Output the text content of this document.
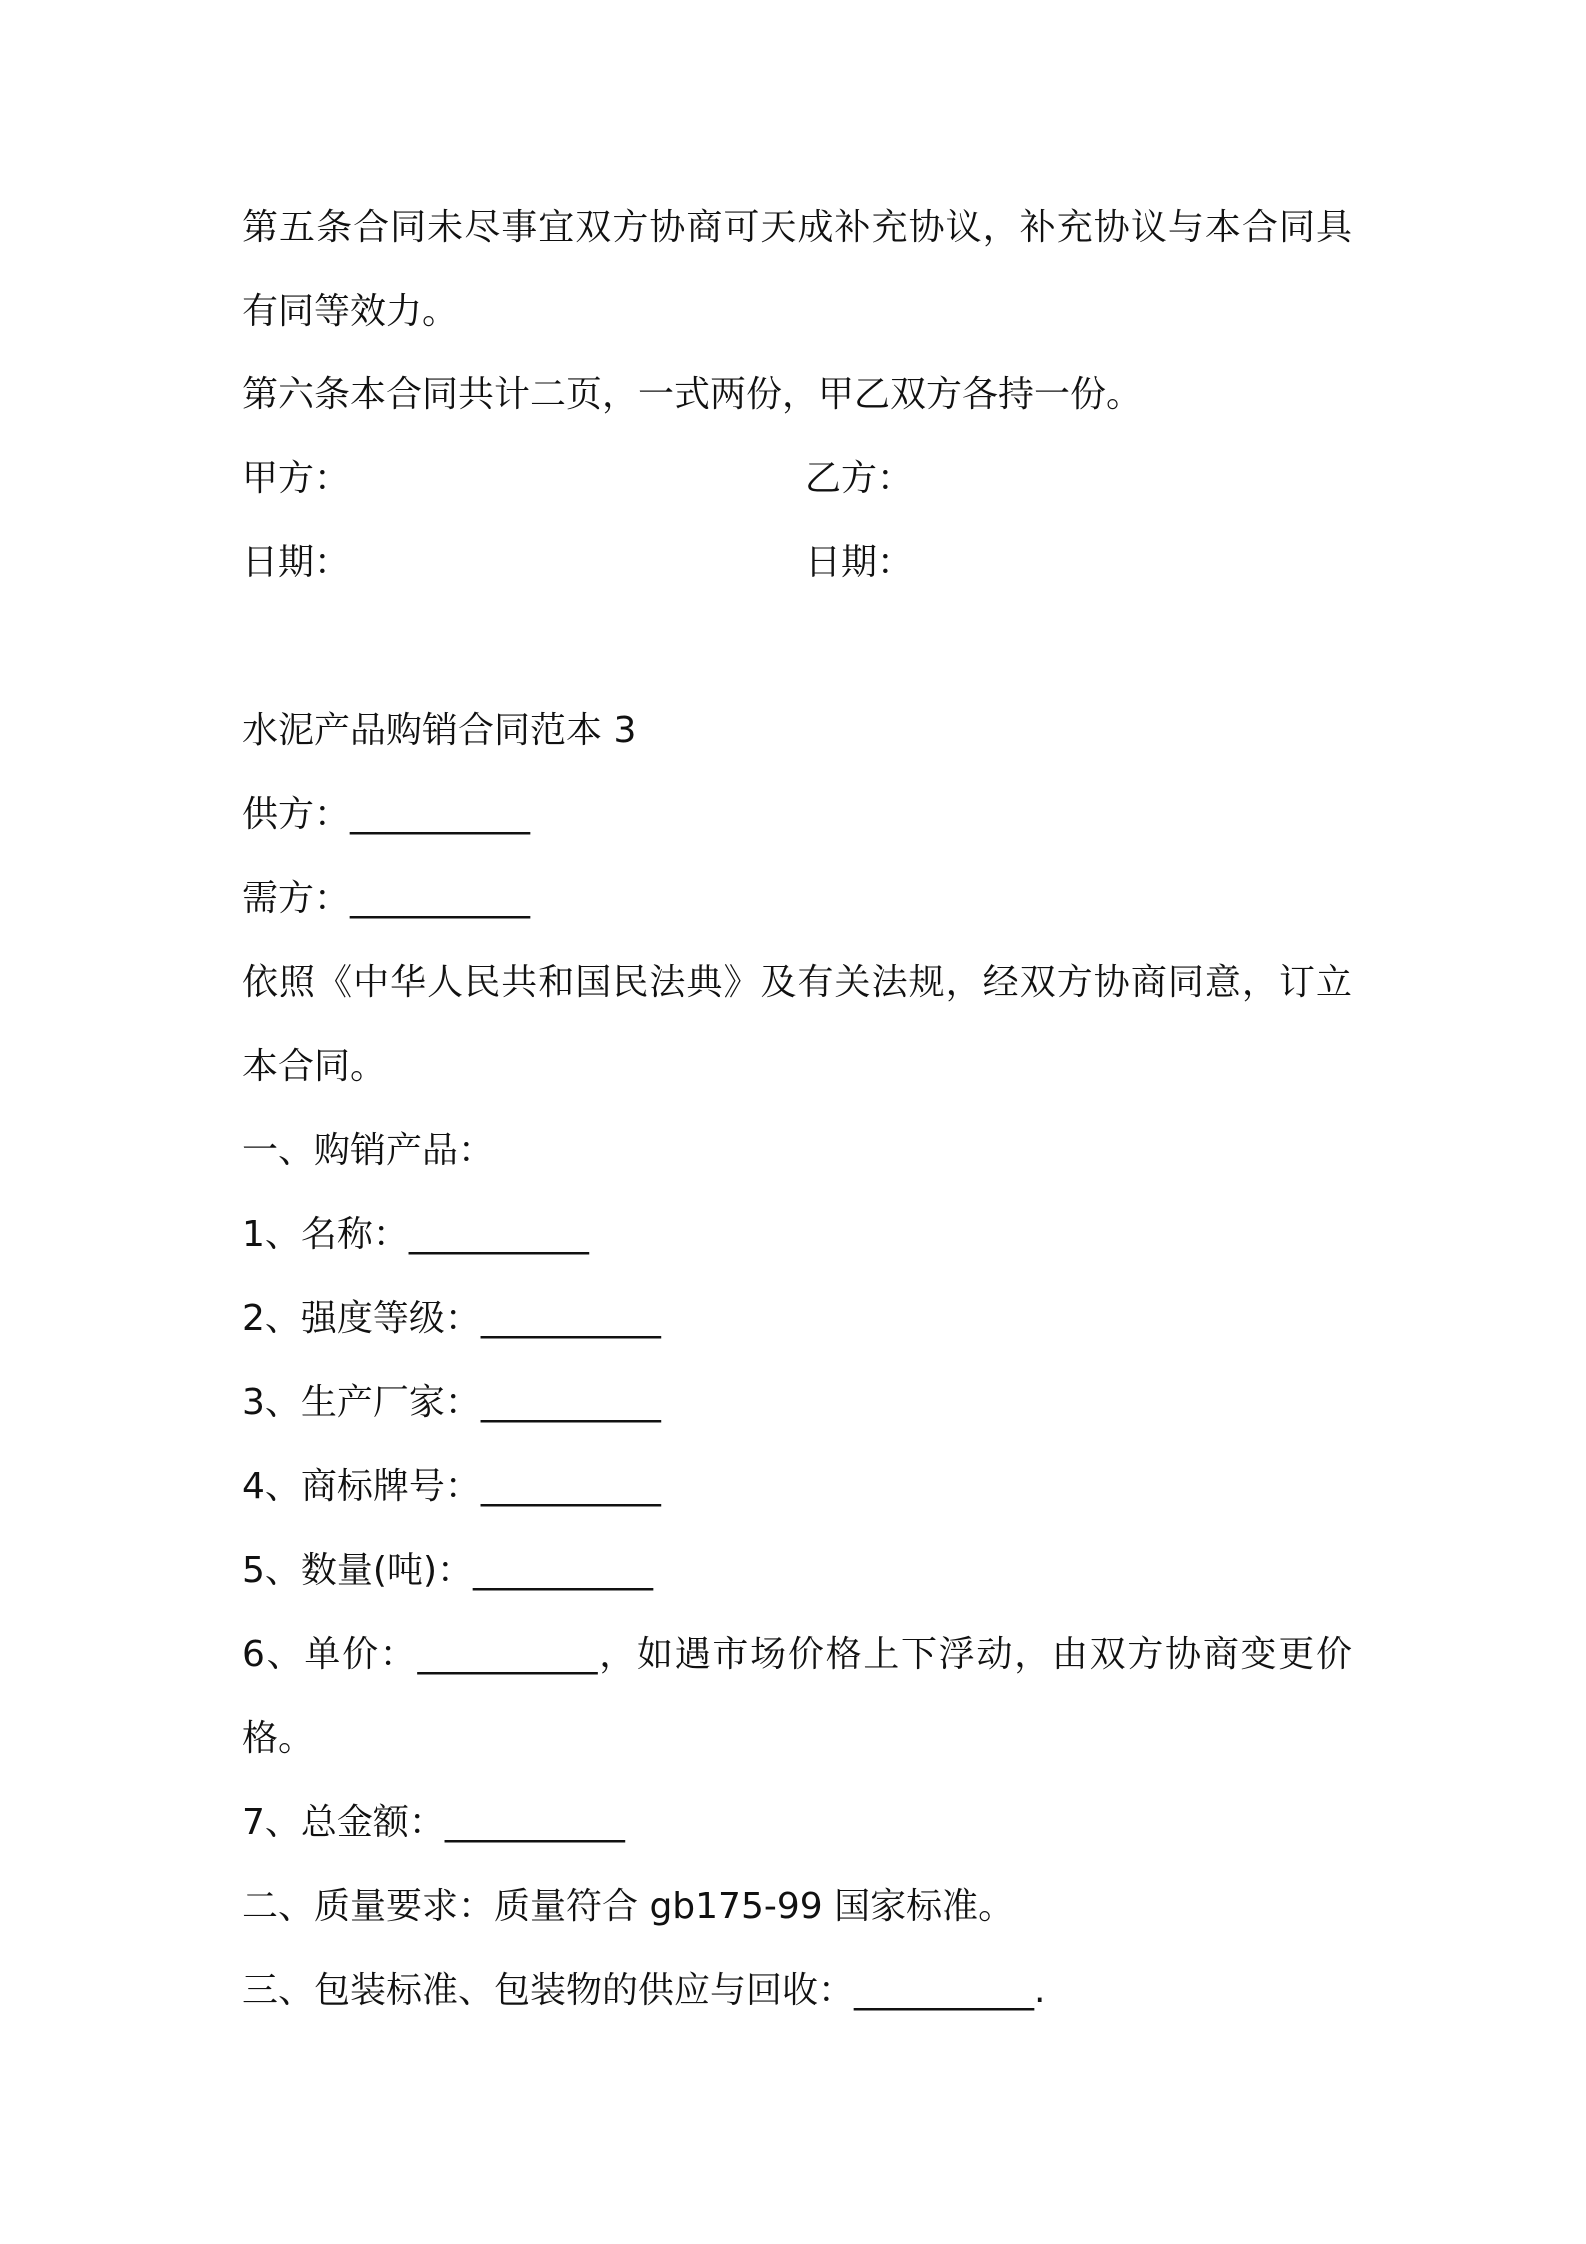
第五条合同未尽事宜双方协商可天成补充协议，补充协议与本合同具
有同等效力。
第六条本合同共计二页，一式两份，甲乙双方各持一份。
甲方：	乙方：
日期：	日期：
水泥产品购销合同范本 3
供方：__________
需方：__________
依照《中华人民共和国民法典》及有关法规，经双方协商同意，订立
本合同。
一、购销产品：
1、名称：__________
2、强度等级：__________
3、生产厂家：__________
4、商标牌号：__________
5、数量(吨)：__________
6、单价：__________，如遇市场价格上下浮动，由双方协商变更价
格。
7、总金额：__________
二、质量要求：质量符合 gb175-99 国家标准。
三、包装标准、包装物的供应与回收：__________.
